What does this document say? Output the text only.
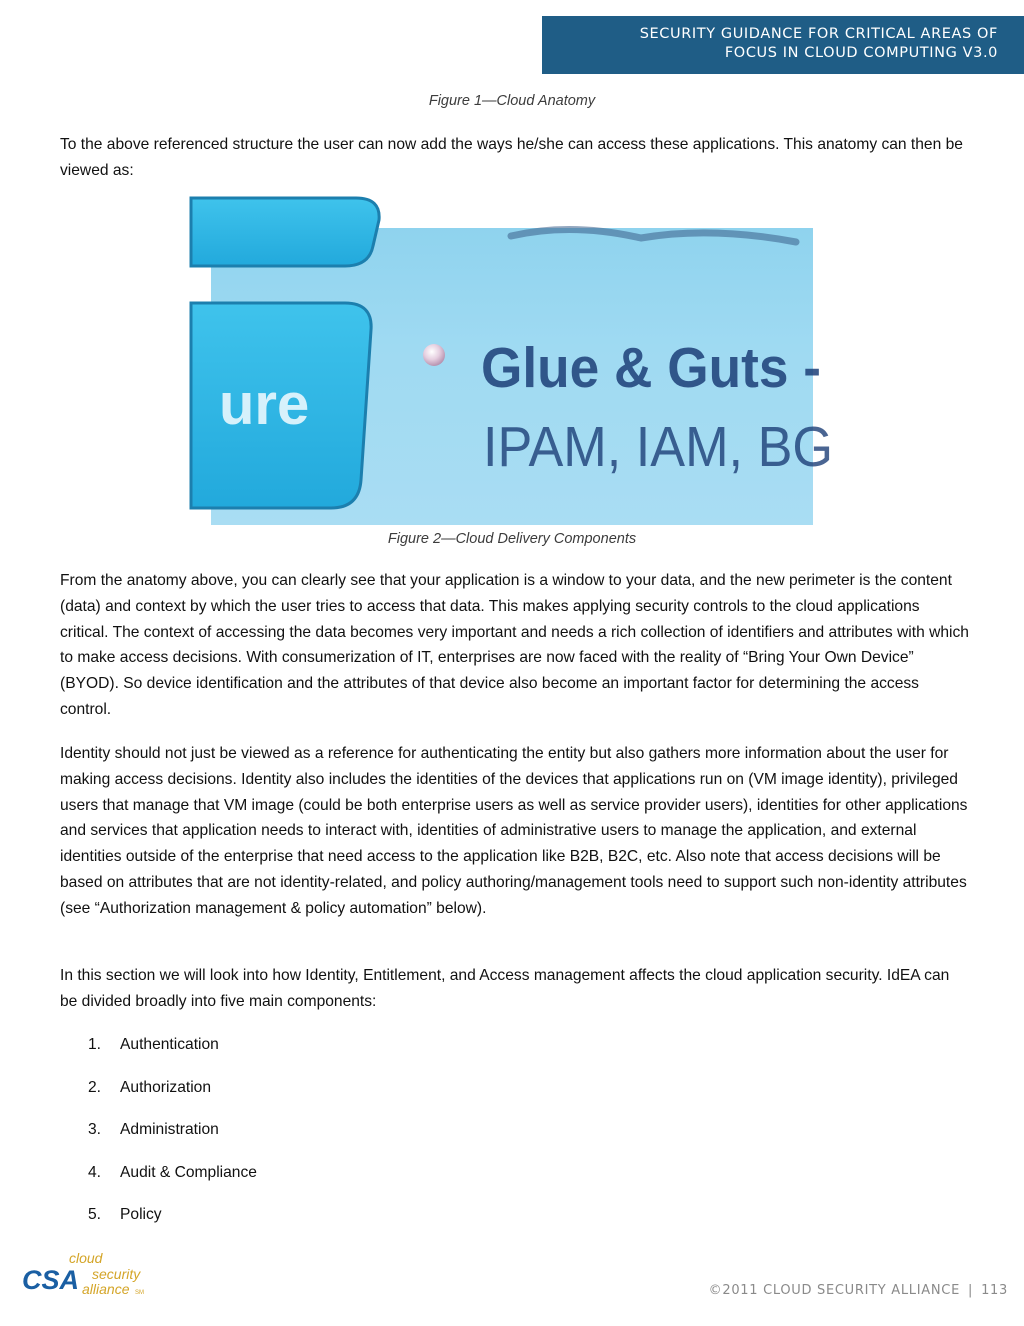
SECURITY GUIDANCE FOR CRITICAL AREAS OF
FOCUS IN CLOUD COMPUTING V3.0
Figure 1—Cloud Anatomy

To the above referenced structure the user can now add the ways he/she can access these applications. This anatomy can then be viewed as:

ure
Glue & Guts -
IPAM, IAM, BG
Figure 2—Cloud Delivery Components

From the anatomy above, you can clearly see that your application is a window to your data, and the new perimeter is the content (data) and context by which the user tries to access that data. This makes applying security controls to the cloud applications critical. The context of accessing the data becomes very important and needs a rich collection of identifiers and attributes with which to make access decisions. With consumerization of IT, enterprises are now faced with the reality of “Bring Your Own Device” (BYOD). So device identification and the attributes of that device also become an important factor for determining the access control.

Identity should not just be viewed as a reference for authenticating the entity but also gathers more information about the user for making access decisions. Identity also includes the identities of the devices that applications run on (VM image identity), privileged users that manage that VM image (could be both enterprise users as well as service provider users), identities for other applications and services that application needs to interact with, identities of administrative users to manage the application, and external identities outside of the enterprise that need access to the application like B2B, B2C, etc. Also note that access decisions will be based on attributes that are not identity-related, and policy authoring/management tools need to support such non-identity attributes (see “Authorization management & policy automation” below).

In this section we will look into how Identity, Entitlement, and Access management affects the cloud application security. IdEA can be divided broadly into five main components:

1. Authentication
2. Authorization
3. Administration
4. Audit & Compliance
5. Policy
CSA
cloud
security
alliance SM	©2011 CLOUD SECURITY ALLIANCE | 113
